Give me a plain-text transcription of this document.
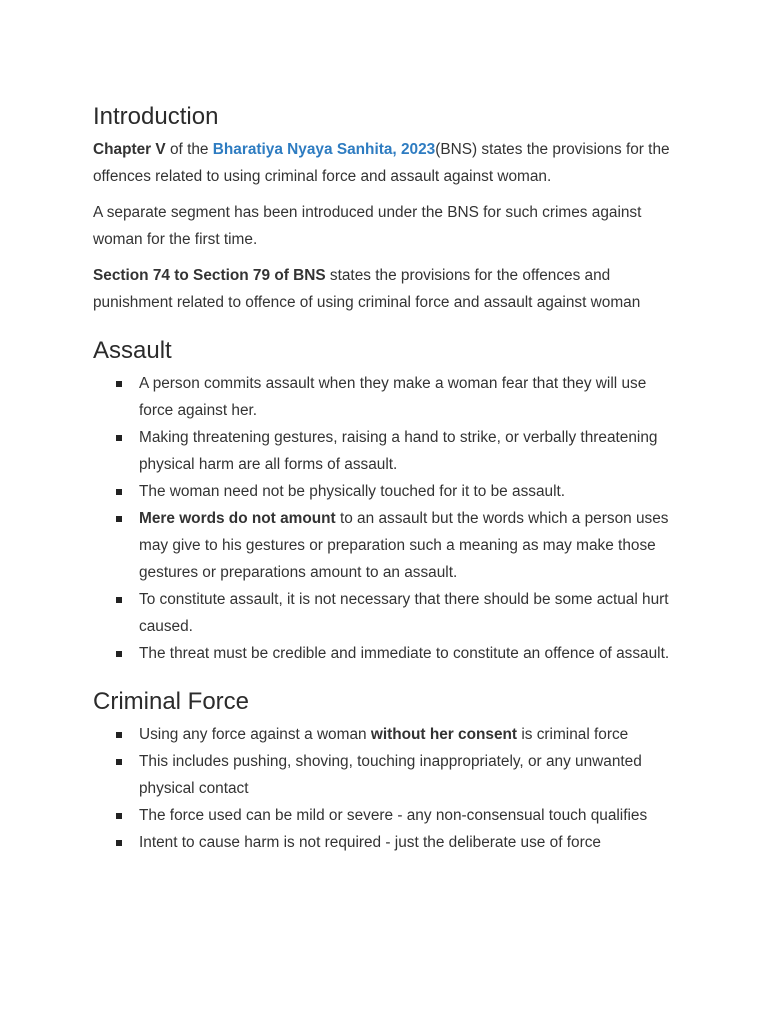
Introduction

Chapter V of the Bharatiya Nyaya Sanhita, 2023(BNS) states the provisions for the offences related to using criminal force and assault against woman.

A separate segment has been introduced under the BNS for such crimes against woman for the first time.

Section 74 to Section 79 of BNS states the provisions for the offences and punishment related to offence of using criminal force and assault against woman

Assault
A person commits assault when they make a woman fear that they will use force against her.
Making threatening gestures, raising a hand to strike, or verbally threatening physical harm are all forms of assault.
The woman need not be physically touched for it to be assault.
Mere words do not amount to an assault but the words which a person uses may give to his gestures or preparation such a meaning as may make those gestures or preparations amount to an assault.
To constitute assault, it is not necessary that there should be some actual hurt caused.
The threat must be credible and immediate to constitute an offence of assault.
Criminal Force
Using any force against a woman without her consent is criminal force
This includes pushing, shoving, touching inappropriately, or any unwanted physical contact
The force used can be mild or severe - any non-consensual touch qualifies
Intent to cause harm is not required - just the deliberate use of force
